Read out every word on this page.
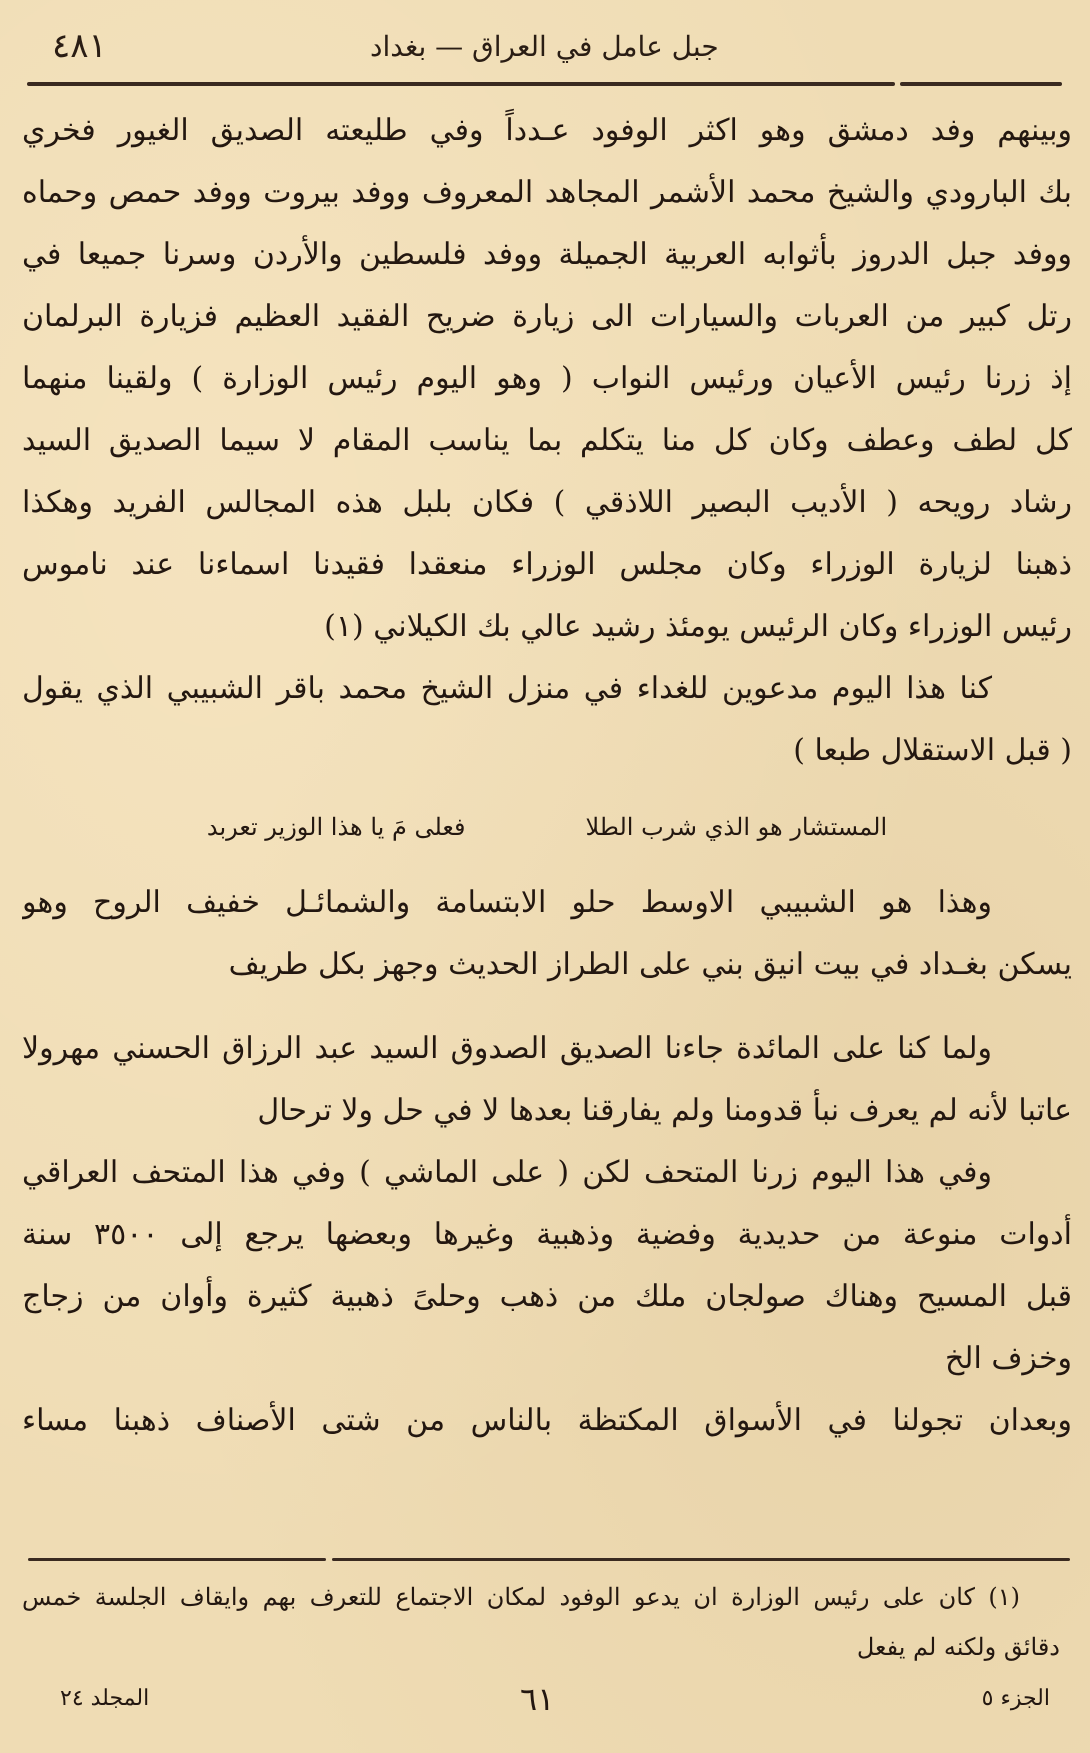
٤٨١	جبل عامل في العراق — بغداد
وبينهم وفد دمشق وهو اكثر الوفود عـدداً وفي طليعته الصديق الغيور فخري
بك البارودي والشيخ محمد الأشمر المجاهد المعروف ووفد بيروت ووفد حمص وحماه
ووفد جبل الدروز بأثوابه العربية الجميلة ووفد فلسطين والأردن وسرنا جميعا في
رتل كبير من العربات والسيارات الى زيارة ضريح الفقيد العظيم فزيارة البرلمان
إذ زرنا رئيس الأعيان ورئيس النواب ( وهو اليوم رئيس الوزارة ) ولقينا منهما
كل لطف وعطف وكان كل منا يتكلم بما يناسب المقام لا سيما الصديق السيد
رشاد رويحه ( الأديب البصير اللاذقي ) فكان بلبل هذه المجالس الفريد وهكذا
ذهبنا لزيارة الوزراء وكان مجلس الوزراء منعقدا فقيدنا اسماءنا عند ناموس
رئيس الوزراء وكان الرئيس يومئذ رشيد عالي بك الكيلاني (١)
كنا هذا اليوم مدعوين للغداء في منزل الشيخ محمد باقر الشبيبي الذي يقول
( قبل الاستقلال طبعا )
المستشار هو الذي شرب الطلا
فعلى مَ يا هذا الوزير تعربد
وهذا هو الشبيبي الاوسط حلو الابتسامة والشمائـل خفيف الروح وهو
يسكن بغـداد في بيت انيق بني على الطراز الحديث وجهز بكل طريف
ولما كنا على المائدة جاءنا الصديق الصدوق السيد عبد الرزاق الحسني مهرولا
عاتبا لأنه لم يعرف نبأ قدومنا ولم يفارقنا بعدها لا في حل ولا ترحال
وفي هذا اليوم زرنا المتحف لكن ( على الماشي ) وفي هذا المتحف العراقي
أدوات منوعة من حديدية وفضية وذهبية وغيرها وبعضها يرجع إلى ٣٥٠٠ سنة
قبل المسيح وهناك صولجان ملك من ذهب وحلىً ذهبية كثيرة وأوان من زجاج
وخزف الخ
وبعدان تجولنا في الأسواق المكتظة بالناس من شتى الأصناف ذهبنا مساء
(١) كان على رئيس الوزارة ان يدعو الوفود لمكان الاجتماع للتعرف بهم وايقاف الجلسة خمس
دقائق ولكنه لم يفعل
المجلد ٢٤	٦١	الجزء ٥
